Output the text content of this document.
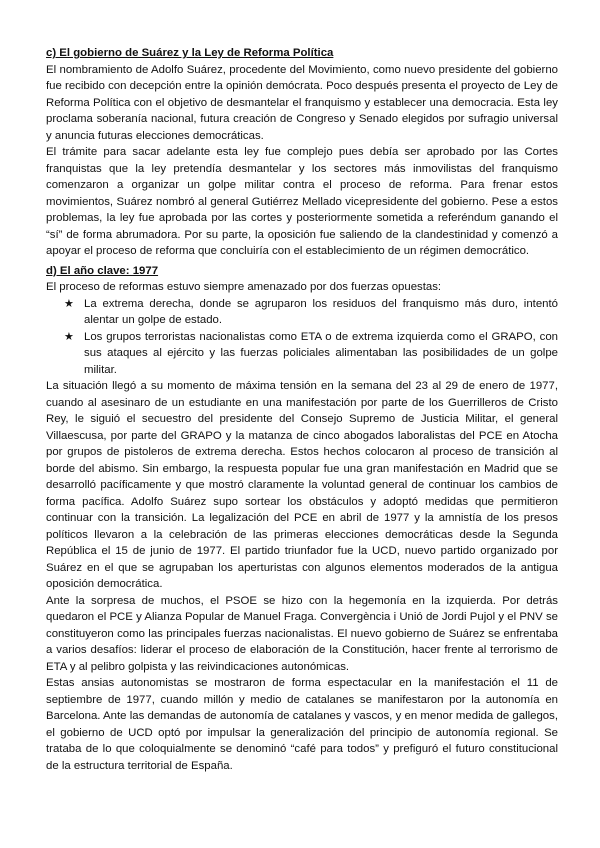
c) El gobierno de Suárez y la Ley de Reforma Política

El nombramiento de Adolfo Suárez, procedente del Movimiento, como nuevo presidente del gobierno fue recibido con decepción entre la opinión demócrata. Poco después presenta el proyecto de Ley de Reforma Política con el objetivo de desmantelar el franquismo y establecer una democracia. Esta ley proclama soberanía nacional, futura creación de Congreso y Senado elegidos por sufragio universal y anuncia futuras elecciones democráticas.

El trámite para sacar adelante esta ley fue complejo pues debía ser aprobado por las Cortes franquistas que la ley pretendía desmantelar y los sectores más inmovilistas del franquismo comenzaron a organizar un golpe militar contra el proceso de reforma. Para frenar estos movimientos, Suárez nombró al general Gutiérrez Mellado vicepresidente del gobierno. Pese a estos problemas, la ley fue aprobada por las cortes y posteriormente sometida a referéndum ganando el “sí” de forma abrumadora. Por su parte, la oposición fue saliendo de la clandestinidad y comenzó a apoyar el proceso de reforma que concluiría con el establecimiento de un régimen democrático.

d) El año clave: 1977

El proceso de reformas estuvo siempre amenazado por dos fuerzas opuestas:

★ La extrema derecha, donde se agruparon los residuos del franquismo más duro, intentó alentar un golpe de estado.
★ Los grupos terroristas nacionalistas como ETA o de extrema izquierda como el GRAPO, con sus ataques al ejército y las fuerzas policiales alimentaban las posibilidades de un golpe militar.

La situación llegó a su momento de máxima tensión en la semana del 23 al 29 de enero de 1977, cuando al asesinaro de un estudiante en una manifestación por parte de los Guerrilleros de Cristo Rey, le siguió el secuestro del presidente del Consejo Supremo de Justicia Militar, el general Villaescusa, por parte del GRAPO y la matanza de cinco abogados laboralistas del PCE en Atocha por grupos de pistoleros de extrema derecha. Estos hechos colocaron al proceso de transición al borde del abismo. Sin embargo, la respuesta popular fue una gran manifestación en Madrid que se desarrolló pacíficamente y que mostró claramente la voluntad general de continuar los cambios de forma pacífica. Adolfo Suárez supo sortear los obstáculos y adoptó medidas que permitieron continuar con la transición. La legalización del PCE en abril de 1977 y la amnistía de los presos políticos llevaron a la celebración de las primeras elecciones democráticas desde la Segunda República el 15 de junio de 1977. El partido triunfador fue la UCD, nuevo partido organizado por Suárez en el que se agrupaban los aperturistas con algunos elementos moderados de la antigua oposición democrática.

Ante la sorpresa de muchos, el PSOE se hizo con la hegemonía en la izquierda. Por detrás quedaron el PCE y Alianza Popular de Manuel Fraga. Convergència i Unió de Jordi Pujol y el PNV se constituyeron como las principales fuerzas nacionalistas. El nuevo gobierno de Suárez se enfrentaba a varios desafíos: liderar el proceso de elaboración de la Constitución, hacer frente al terrorismo de ETA y al pelibro golpista y las reivindicaciones autonómicas.

Estas ansias autonomistas se mostraron de forma espectacular en la manifestación el 11 de septiembre de 1977, cuando millón y medio de catalanes se manifestaron por la autonomía en Barcelona. Ante las demandas de autonomía de catalanes y vascos, y en menor medida de gallegos, el gobierno de UCD optó por impulsar la generalización del principio de autonomía regional. Se trataba de lo que coloquialmente se denominó “café para todos” y prefiguró el futuro constitucional de la estructura territorial de España.
